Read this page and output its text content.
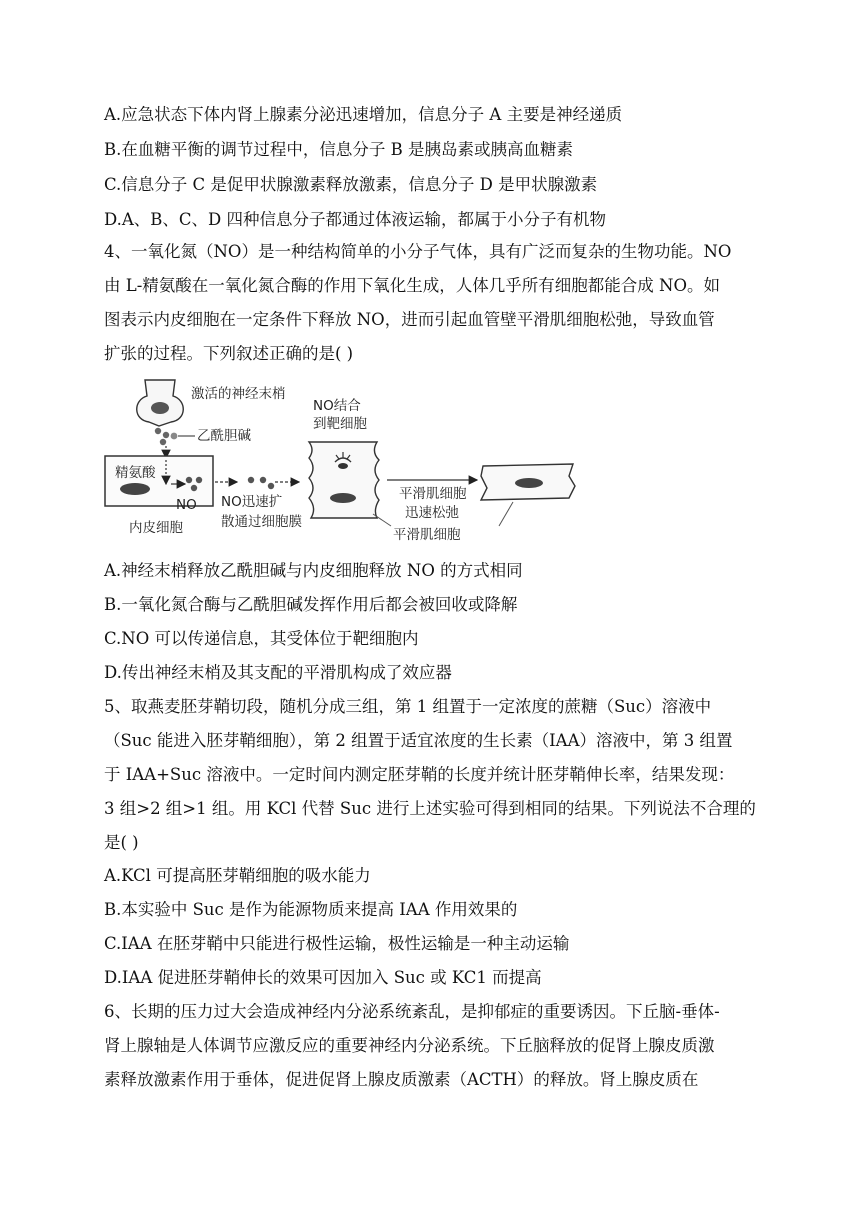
A.应急状态下体内肾上腺素分泌迅速增加，信息分子 A 主要是神经递质
B.在血糖平衡的调节过程中，信息分子 B 是胰岛素或胰高血糖素
C.信息分子 C 是促甲状腺激素释放激素，信息分子 D 是甲状腺激素
D.A、B、C、D 四种信息分子都通过体液运输，都属于小分子有机物
4、一氧化氮（NO）是一种结构简单的小分子气体，具有广泛而复杂的生物功能。NO
由 L-精氨酸在一氧化氮合酶的作用下氧化生成，人体几乎所有细胞都能合成 NO。如
图表示内皮细胞在一定条件下释放 NO，进而引起血管壁平滑肌细胞松弛，导致血管
扩张的过程。下列叙述正确的是( )
激活的神经末梢
乙酰胆碱
精氨酸
NO
内皮细胞
NO迅速扩
散通过细胞膜
NO结合
到靶细胞
平滑肌细胞
迅速松弛
平滑肌细胞
A.神经末梢释放乙酰胆碱与内皮细胞释放 NO 的方式相同
B.一氧化氮合酶与乙酰胆碱发挥作用后都会被回收或降解
C.NO 可以传递信息，其受体位于靶细胞内
D.传出神经末梢及其支配的平滑肌构成了效应器
5、取燕麦胚芽鞘切段，随机分成三组，第 1 组置于一定浓度的蔗糖（Suc）溶液中
（Suc 能进入胚芽鞘细胞），第 2 组置于适宜浓度的生长素（IAA）溶液中，第 3 组置
于 IAA+Suc 溶液中。一定时间内测定胚芽鞘的长度并统计胚芽鞘伸长率，结果发现：
3 组>2 组>1 组。用 KCl 代替 Suc 进行上述实验可得到相同的结果。下列说法不合理的
是( )
A.KCl 可提高胚芽鞘细胞的吸水能力
B.本实验中 Suc 是作为能源物质来提高 IAA 作用效果的
C.IAA 在胚芽鞘中只能进行极性运输，极性运输是一种主动运输
D.IAA 促进胚芽鞘伸长的效果可因加入 Suc 或 KC1 而提高
6、长期的压力过大会造成神经内分泌系统紊乱，是抑郁症的重要诱因。下丘脑-垂体-
肾上腺轴是人体调节应激反应的重要神经内分泌系统。下丘脑释放的促肾上腺皮质激
素释放激素作用于垂体，促进促肾上腺皮质激素（ACTH）的释放。肾上腺皮质在
